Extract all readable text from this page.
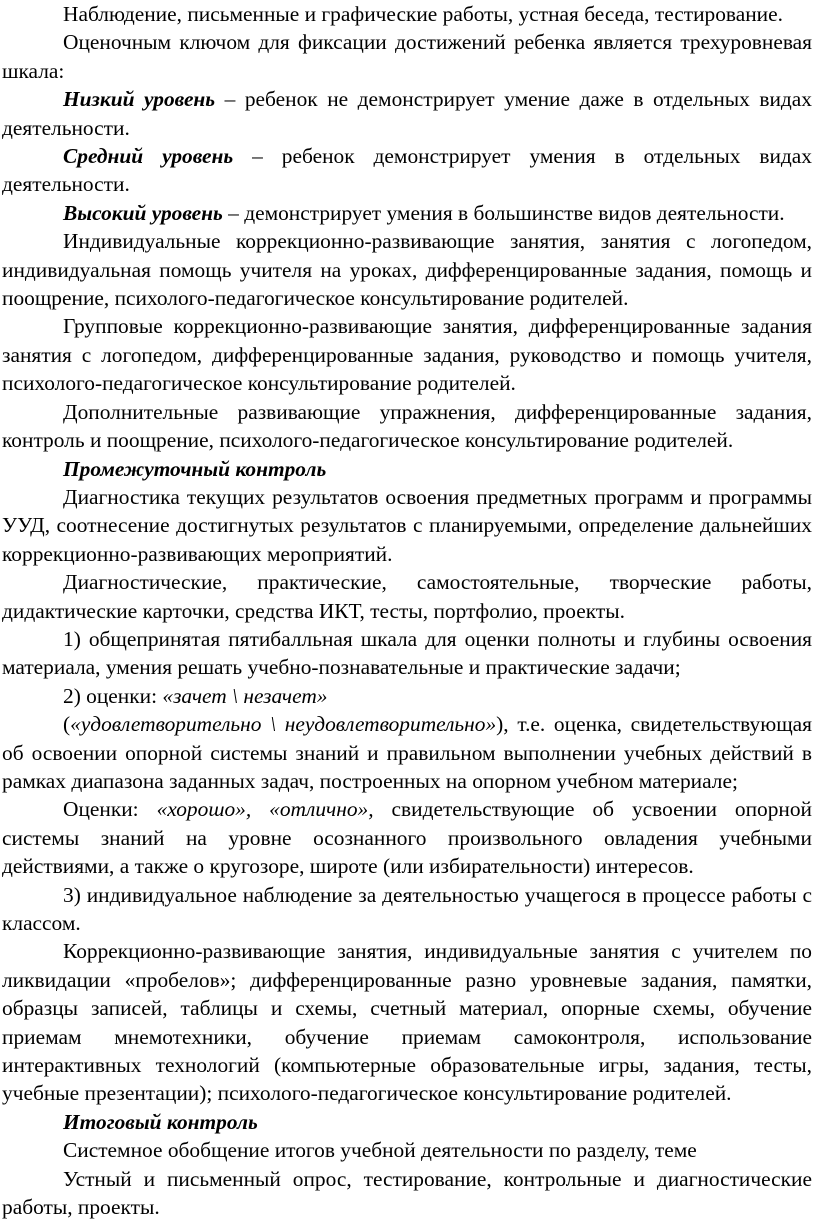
Наблюдение, письменные и графические работы, устная беседа, тестирование.

Оценочным ключом для фиксации достижений ребенка является трехуровневая шкала:

Низкий уровень – ребенок не демонстрирует умение даже в отдельных видах деятельности.

Средний уровень – ребенок демонстрирует умения в отдельных видах деятельности.

Высокий уровень – демонстрирует умения в большинстве видов деятельности.

Индивидуальные коррекционно-развивающие занятия, занятия с логопедом, индивидуальная помощь учителя на уроках, дифференцированные задания, помощь и поощрение, психолого-педагогическое консультирование родителей.

Групповые коррекционно-развивающие занятия, дифференцированные задания занятия с логопедом, дифференцированные задания, руководство и помощь учителя, психолого-педагогическое консультирование родителей.

Дополнительные развивающие упражнения, дифференцированные задания, контроль и поощрение, психолого-педагогическое консультирование родителей.

Промежуточный контроль

Диагностика текущих результатов освоения предметных программ и программы УУД, соотнесение достигнутых результатов с планируемыми, определение дальнейших коррекционно-развивающих мероприятий.

Диагностические, практические, самостоятельные, творческие работы, дидактические карточки, средства ИКТ, тесты, портфолио, проекты.

1) общепринятая пятибалльная шкала для оценки полноты и глубины освоения материала, умения решать учебно-познавательные и практические задачи;

2) оценки: «зачет \ незачет»

(«удовлетворительно \ неудовлетворительно»), т.е. оценка, свидетельствующая об освоении опорной системы знаний и правильном выполнении учебных действий в рамках диапазона заданных задач, построенных на опорном учебном материале;

Оценки: «хорошо», «отлично», свидетельствующие об усвоении опорной системы знаний на уровне осознанного произвольного овладения учебными действиями, а также о кругозоре, широте (или избирательности) интересов.

3) индивидуальное наблюдение за деятельностью учащегося в процессе работы с классом.

Коррекционно-развивающие занятия, индивидуальные занятия с учителем по ликвидации «пробелов»; дифференцированные разно уровневые задания, памятки, образцы записей, таблицы и схемы, счетный материал, опорные схемы, обучение приемам мнемотехники, обучение приемам самоконтроля, использование интерактивных технологий (компьютерные образовательные игры, задания, тесты, учебные презентации); психолого-педагогическое консультирование родителей.

Итоговый контроль

Системное обобщение итогов учебной деятельности по разделу, теме

Устный и письменный опрос, тестирование, контрольные и диагностические работы, проекты.
